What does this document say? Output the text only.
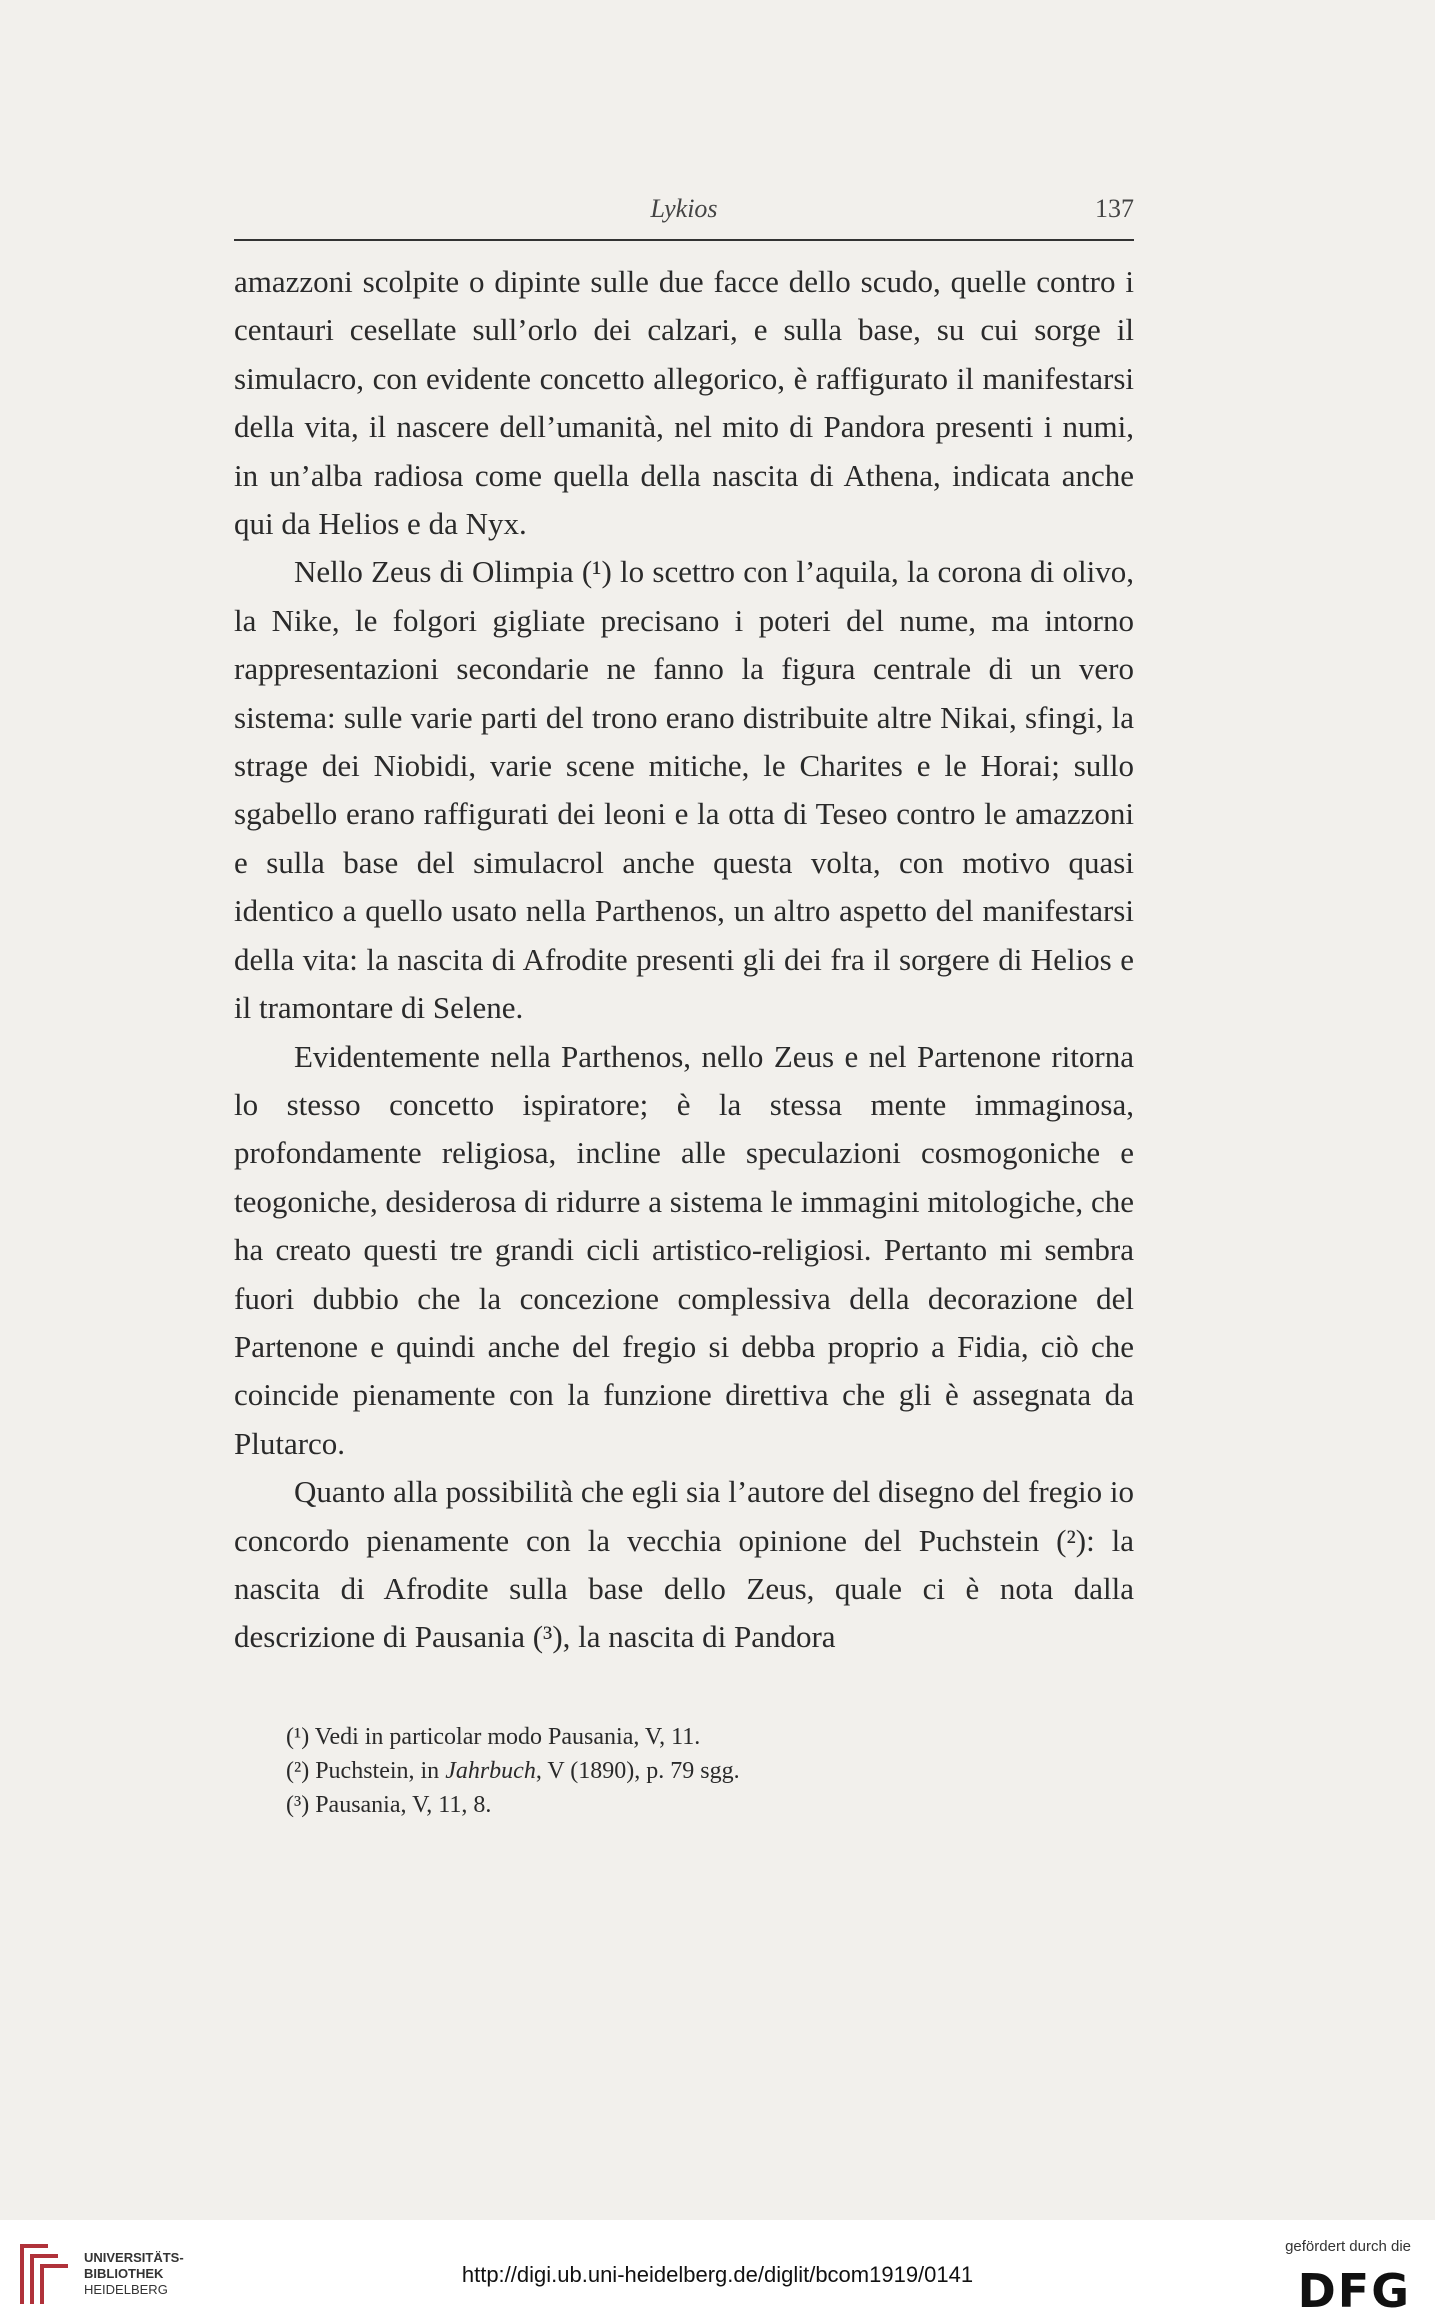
Lykios	137

amazzoni scolpite o dipinte sulle due facce dello scudo, quelle contro i centauri cesellate sull’orlo dei calzari, e sulla base, su cui sorge il simulacro, con evidente concetto allegorico, è raffigurato il manifestarsi della vita, il nascere dell’umanità, nel mito di Pandora presenti i numi, in un’alba radiosa come quella della nascita di Athena, indicata anche qui da Helios e da Nyx.

Nello Zeus di Olimpia (¹) lo scettro con l’aquila, la corona di olivo, la Nike, le folgori gigliate precisano i poteri del nume, ma intorno rappresentazioni secondarie ne fanno la figura centrale di un vero sistema: sulle varie parti del trono erano distribuite altre Nikai, sfingi, la strage dei Niobidi, varie scene mitiche, le Charites e le Horai; sullo sgabello erano raffigurati dei leoni e la otta di Teseo contro le amazzoni e sulla base del simulacrol anche questa volta, con motivo quasi identico a quello usato nella Parthenos, un altro aspetto del manifestarsi della vita: la nascita di Afrodite presenti gli dei fra il sorgere di Helios e il tramontare di Selene.

Evidentemente nella Parthenos, nello Zeus e nel Partenone ritorna lo stesso concetto ispiratore; è la stessa mente immaginosa, profondamente religiosa, incline alle speculazioni cosmogoniche e teogoniche, desiderosa di ridurre a sistema le immagini mitologiche, che ha creato questi tre grandi cicli artistico-religiosi. Pertanto mi sembra fuori dubbio che la concezione complessiva della decorazione del Partenone e quindi anche del fregio si debba proprio a Fidia, ciò che coincide pienamente con la funzione direttiva che gli è assegnata da Plutarco.

Quanto alla possibilità che egli sia l’autore del disegno del fregio io concordo pienamente con la vecchia opinione del Puchstein (²): la nascita di Afrodite sulla base dello Zeus, quale ci è nota dalla descrizione di Pausania (³), la nascita di Pandora

(¹) Vedi in particolar modo Pausania, V, 11.
(²) Puchstein, in Jahrbuch, V (1890), p. 79 sgg.
(³) Pausania, V, 11, 8.
UNIVERSITÄTS-
BIBLIOTHEK
HEIDELBERG
http://digi.ub.uni-heidelberg.de/diglit/bcom1919/0141
gefördert durch die
DFG
